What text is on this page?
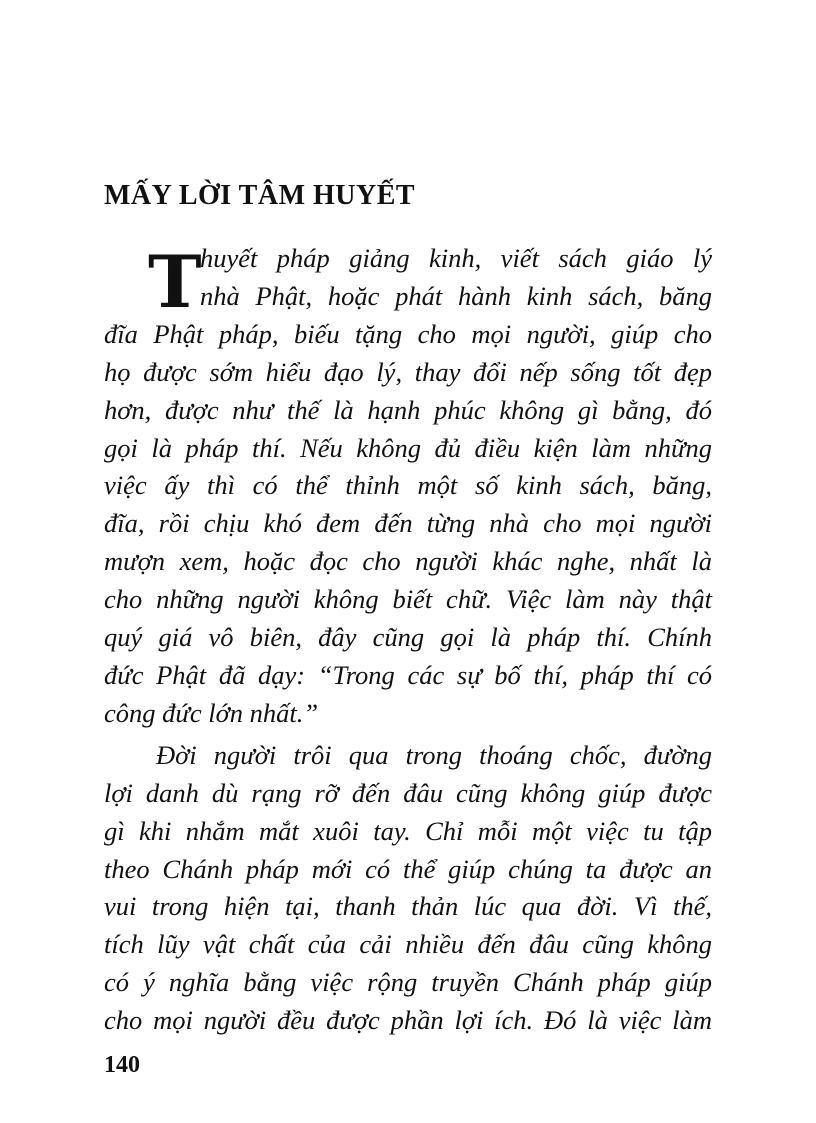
MẤY LỜI TÂM HUYẾT
T
huyết pháp giảng kinh, viết sách giáo lý
nhà Phật, hoặc phát hành kinh sách, băng
đĩa Phật pháp, biếu tặng cho mọi người, giúp cho
họ được sớm hiểu đạo lý, thay đổi nếp sống tốt đẹp
hơn, được như thế là hạnh phúc không gì bằng, đó
gọi là pháp thí. Nếu không đủ điều kiện làm những
việc ấy thì có thể thỉnh một số kinh sách, băng,
đĩa, rồi chịu khó đem đến từng nhà cho mọi người
mượn xem, hoặc đọc cho người khác nghe, nhất là
cho những người không biết chữ. Việc làm này thật
quý giá vô biên, đây cũng gọi là pháp thí. Chính
đức Phật đã dạy: “Trong các sự bố thí, pháp thí có
công đức lớn nhất.”
Đời người trôi qua trong thoáng chốc, đường
lợi danh dù rạng rỡ đến đâu cũng không giúp được
gì khi nhắm mắt xuôi tay. Chỉ mỗi một việc tu tập
theo Chánh pháp mới có thể giúp chúng ta được an
vui trong hiện tại, thanh thản lúc qua đời. Vì thế,
tích lũy vật chất của cải nhiều đến đâu cũng không
có ý nghĩa bằng việc rộng truyền Chánh pháp giúp
cho mọi người đều được phần lợi ích. Đó là việc làm

140
